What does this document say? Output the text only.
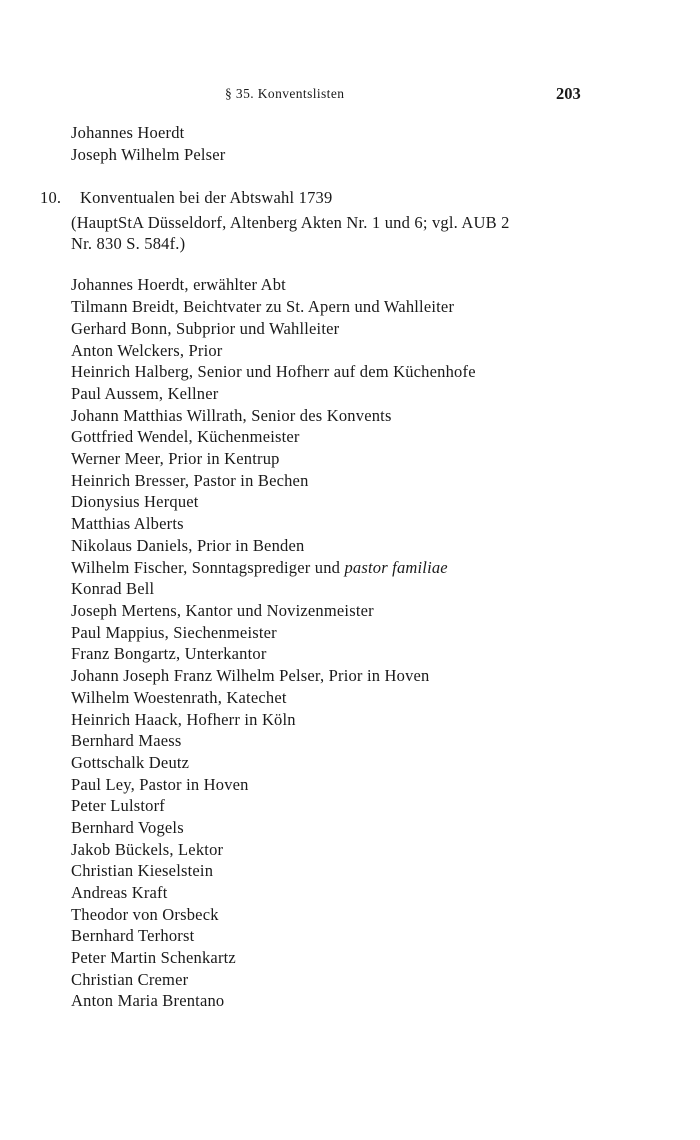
§ 35. Konventslisten	203
Johannes Hoerdt
Joseph Wilhelm Pelser
10. Konventualen bei der Abtswahl 1739
(HauptStA Düsseldorf, Altenberg Akten Nr. 1 und 6; vgl. AUB 2
Nr. 830 S. 584f.)
Johannes Hoerdt, erwählter Abt
Tilmann Breidt, Beichtvater zu St. Apern und Wahlleiter
Gerhard Bonn, Subprior und Wahlleiter
Anton Welckers, Prior
Heinrich Halberg, Senior und Hofherr auf dem Küchenhofe
Paul Aussem, Kellner
Johann Matthias Willrath, Senior des Konvents
Gottfried Wendel, Küchenmeister
Werner Meer, Prior in Kentrup
Heinrich Bresser, Pastor in Bechen
Dionysius Herquet
Matthias Alberts
Nikolaus Daniels, Prior in Benden
Wilhelm Fischer, Sonntagsprediger und pastor familiae
Konrad Bell
Joseph Mertens, Kantor und Novizenmeister
Paul Mappius, Siechenmeister
Franz Bongartz, Unterkantor
Johann Joseph Franz Wilhelm Pelser, Prior in Hoven
Wilhelm Woestenrath, Katechet
Heinrich Haack, Hofherr in Köln
Bernhard Maess
Gottschalk Deutz
Paul Ley, Pastor in Hoven
Peter Lulstorf
Bernhard Vogels
Jakob Bückels, Lektor
Christian Kieselstein
Andreas Kraft
Theodor von Orsbeck
Bernhard Terhorst
Peter Martin Schenkartz
Christian Cremer
Anton Maria Brentano
